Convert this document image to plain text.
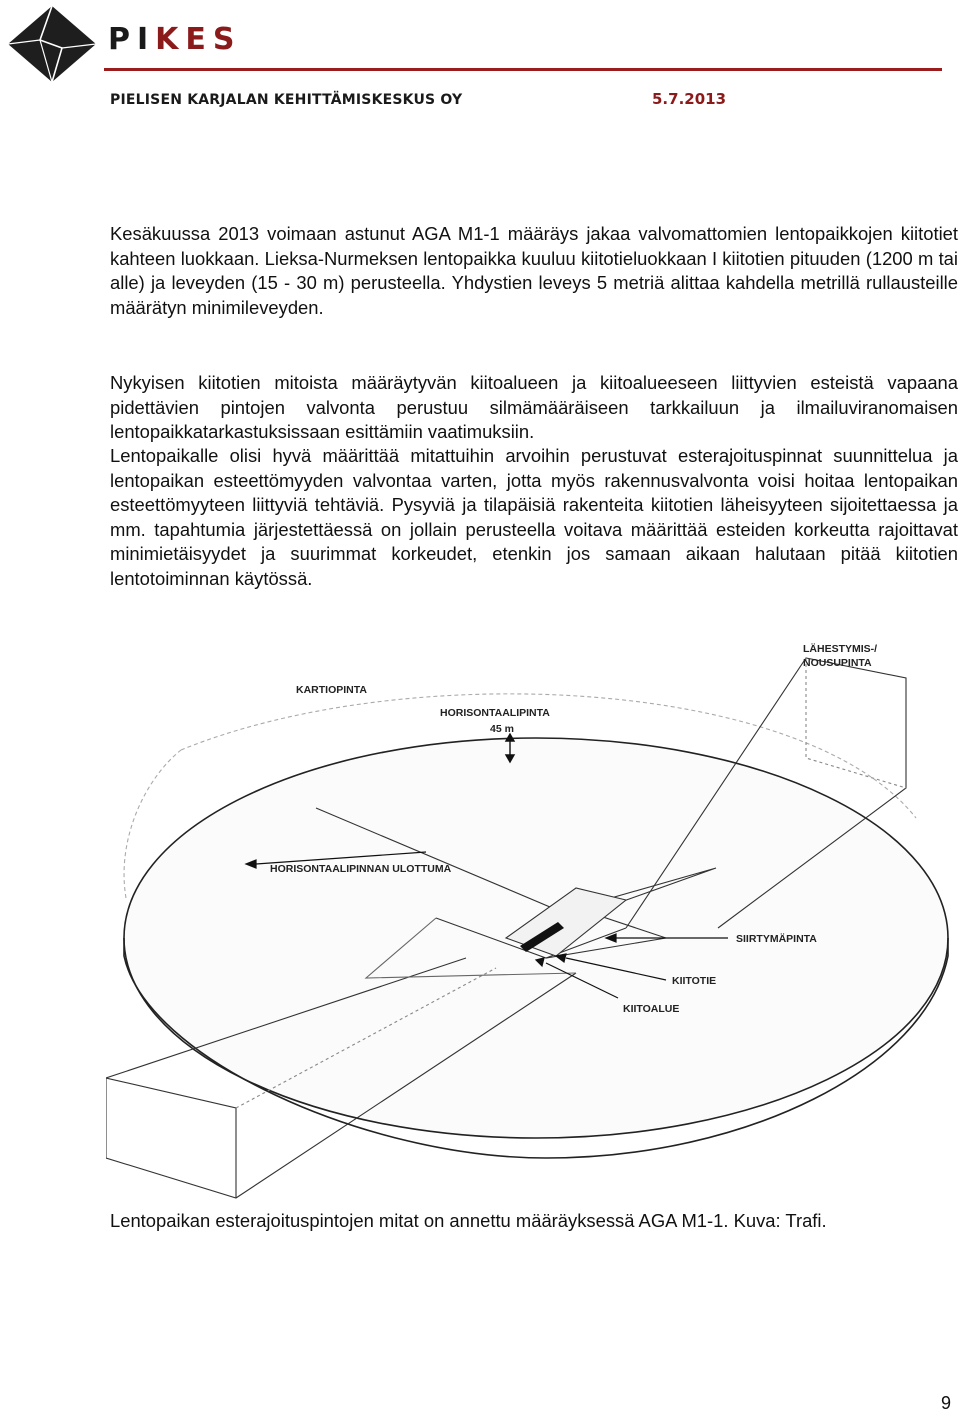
PIKES
PIELISEN KARJALAN KEHITTÄMISKESKUS OY	5.7.2013

Kesäkuussa 2013 voimaan astunut AGA M1-1 määräys jakaa valvomattomien lentopaikkojen kiitotiet kahteen luokkaan. Lieksa-Nurmeksen lentopaikka kuuluu kiitotieluokkaan I kiitotien pituuden (1200 m tai alle) ja leveyden (15 - 30 m) perusteella. Yhdystien leveys 5 metriä alittaa kahdella metrillä rullausteille määrätyn minimileveyden.

Nykyisen kiitotien mitoista määräytyvän kiitoalueen ja kiitoalueeseen liittyvien esteistä vapaana pidettävien pintojen valvonta perustuu silmämääräiseen tarkkailuun ja ilmailuviranomaisen lentopaikkatarkastuksissaan esittämiin vaatimuksiin.

Lentopaikalle olisi hyvä määrittää mitattuihin arvoihin perustuvat esterajoituspinnat suunnittelua ja lentopaikan esteettömyyden valvontaa varten, jotta myös rakennusvalvonta voisi hoitaa lentopaikan esteettömyyteen liittyviä tehtäviä. Pysyviä ja tilapäisiä rakenteita kiitotien läheisyyteen sijoitettaessa ja mm. tapahtumia järjestettäessä on jollain perusteella voitava määrittää esteiden korkeutta rajoittavat minimietäisyydet ja suurimmat korkeudet, etenkin jos samaan aikaan halutaan pitää kiitotien lentotoiminnan käytössä.

LÄHESTYMIS-/
NOUSUPINTA
KARTIOPINTA
HORISONTAALIPINTA
45 m
HORISONTAALIPINNAN ULOTTUMA
SIIRTYMÄPINTA
KIITOTIE
KIITOALUE

Lentopaikan esterajoituspintojen mitat on annettu määräyksessä AGA M1-1. Kuva: Trafi.

9
